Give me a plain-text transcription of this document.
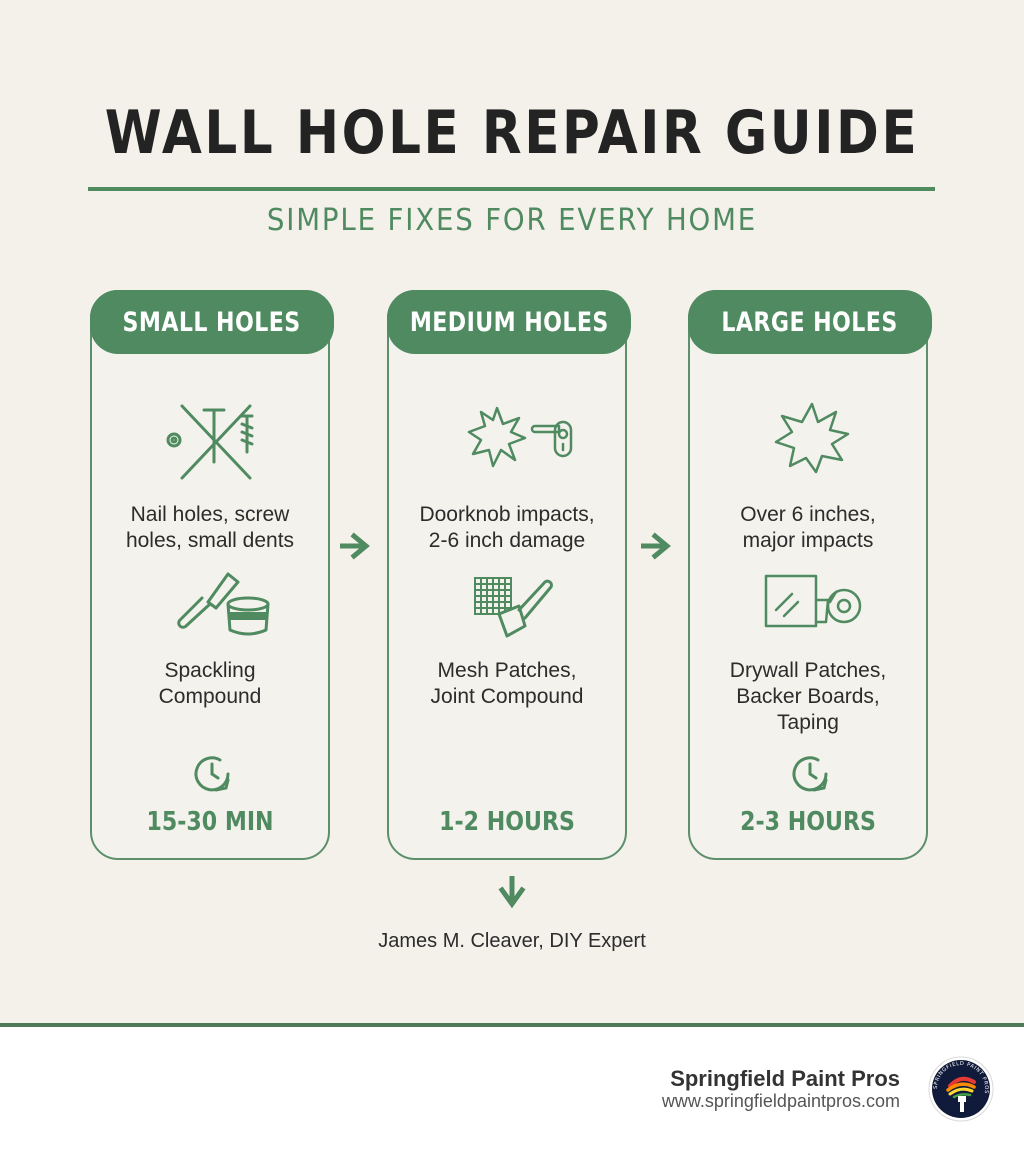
WALL HOLE REPAIR GUIDE
SIMPLE FIXES FOR EVERY HOME
SMALL HOLES
Nail holes, screw
holes, small dents
Spackling
Compound
15-30 MIN
MEDIUM HOLES
Doorknob impacts,
2-6 inch damage
Mesh Patches,
Joint Compound
1-2 HOURS
LARGE HOLES
Over 6 inches,
major impacts
Drywall Patches,
Backer Boards,
Taping
2-3 HOURS
James M. Cleaver, DIY Expert
Springfield Paint Pros
www.springfieldpaintpros.com
SPRINGFIELD PAINT PROS
